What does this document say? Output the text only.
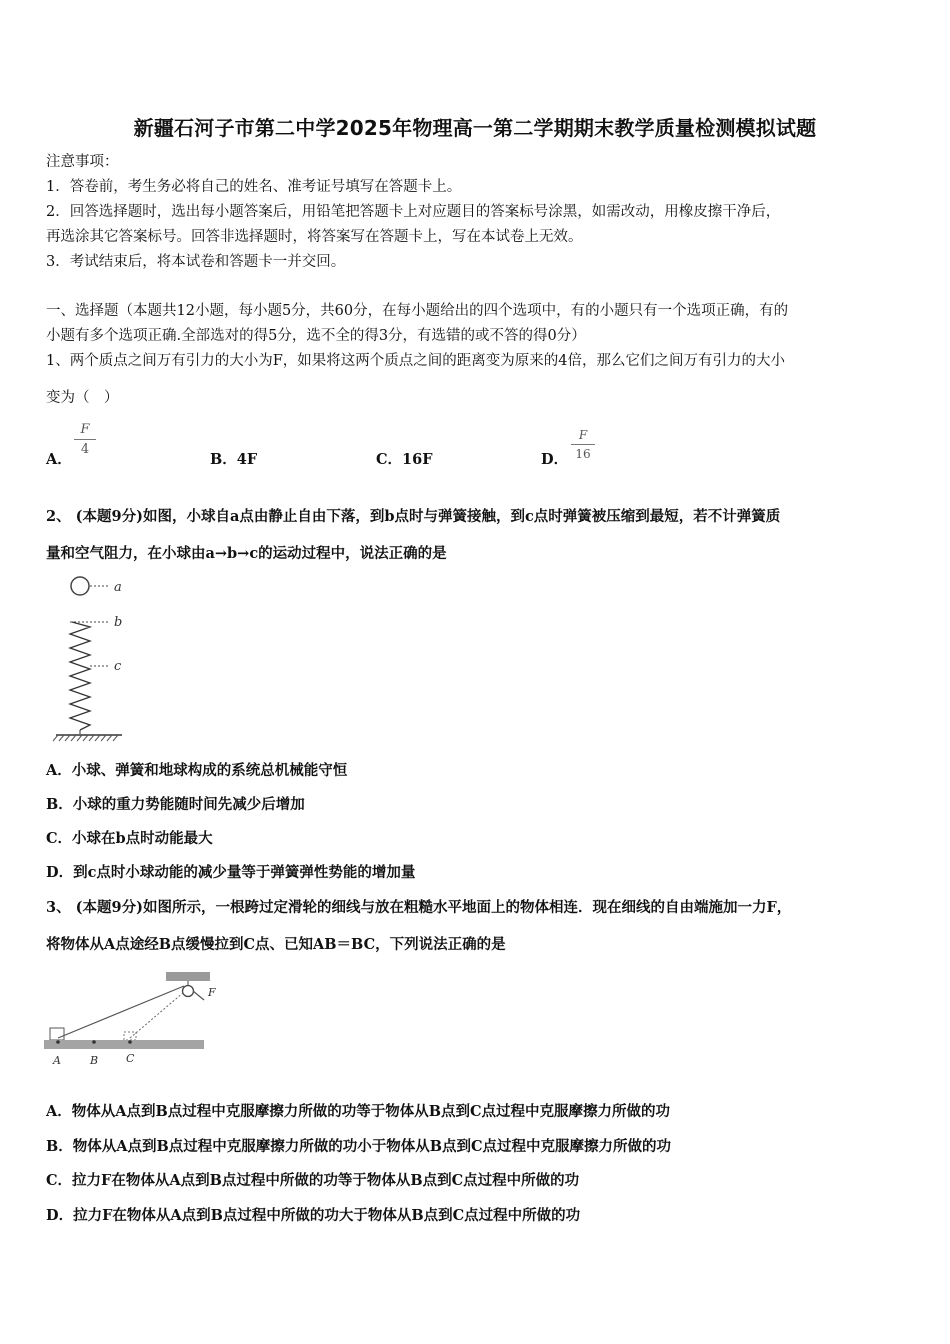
新疆石河子市第二中学2025年物理高一第二学期期末教学质量检测模拟试题
注意事项：
1．答卷前，考生务必将自己的姓名、准考证号填写在答题卡上。
2．回答选择题时，选出每小题答案后，用铅笔把答题卡上对应题目的答案标号涂黑，如需改动，用橡皮擦干净后，
再选涂其它答案标号。回答非选择题时，将答案写在答题卡上，写在本试卷上无效。
3．考试结束后，将本试卷和答题卡一并交回。
一、选择题（本题共12小题，每小题5分，共60分，在每小题给出的四个选项中，有的小题只有一个选项正确，有的
小题有多个选项正确.全部选对的得5分，选不全的得3分，有选错的或不答的得0分）
1、两个质点之间万有引力的大小为F，如果将这两个质点之间的距离变为原来的4倍，那么它们之间万有引力的大小
变为（　）
A．
F
4
B．4F	C．16F	D．
F
16
2、 (本题9分)如图，小球自a点由静止自由下落，到b点时与弹簧接触，到c点时弹簧被压缩到最短，若不计弹簧质
量和空气阻力，在小球由a→b→c的运动过程中，说法正确的是
a
b
c
A．小球、弹簧和地球构成的系统总机械能守恒
B．小球的重力势能随时间先减少后增加
C．小球在b点时动能最大
D．到c点时小球动能的减少量等于弹簧弹性势能的增加量
3、 (本题9分)如图所示，一根跨过定滑轮的细线与放在粗糙水平地面上的物体相连．现在细线的自由端施加一力F，
将物体从A点途经B点缓慢拉到C点、已知AB＝BC，下列说法正确的是
F
A	B	C
A．物体从A点到B点过程中克服摩擦力所做的功等于物体从B点到C点过程中克服摩擦力所做的功
B．物体从A点到B点过程中克服摩擦力所做的功小于物体从B点到C点过程中克服摩擦力所做的功
C．拉力F在物体从A点到B点过程中所做的功等于物体从B点到C点过程中所做的功
D．拉力F在物体从A点到B点过程中所做的功大于物体从B点到C点过程中所做的功
